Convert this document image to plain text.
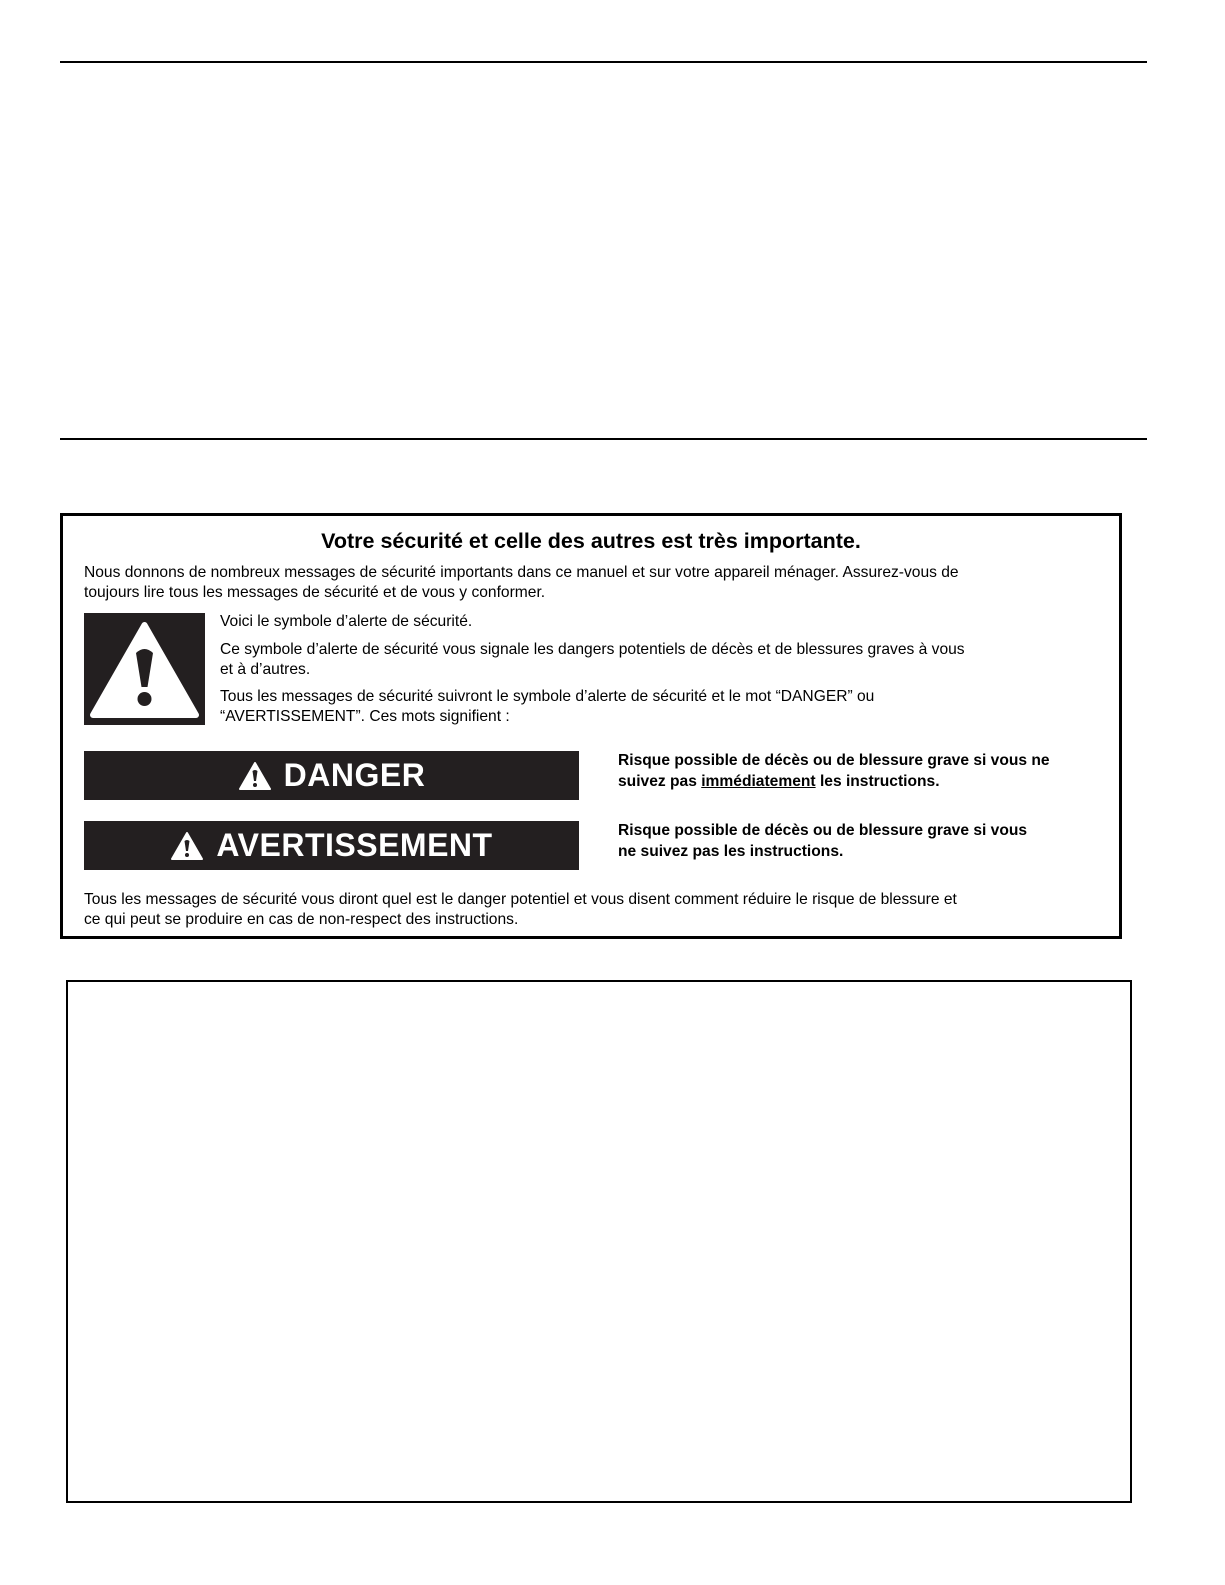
Votre sécurité et celle des autres est très importante.

Nous donnons de nombreux messages de sécurité importants dans ce manuel et sur votre appareil ménager. Assurez-vous de
toujours lire tous les messages de sécurité et de vous y conformer.

Voici le symbole d’alerte de sécurité.

Ce symbole d’alerte de sécurité vous signale les dangers potentiels de décès et de blessures graves à vous
et à d’autres.

Tous les messages de sécurité suivront le symbole d’alerte de sécurité et le mot “DANGER” ou
“AVERTISSEMENT”. Ces mots signifient :

DANGER	Risque possible de décès ou de blessure grave si vous ne
suivez pas immédiatement les instructions.

AVERTISSEMENT	Risque possible de décès ou de blessure grave si vous
ne suivez pas les instructions.

Tous les messages de sécurité vous diront quel est le danger potentiel et vous disent comment réduire le risque de blessure et
ce qui peut se produire en cas de non-respect des instructions.
